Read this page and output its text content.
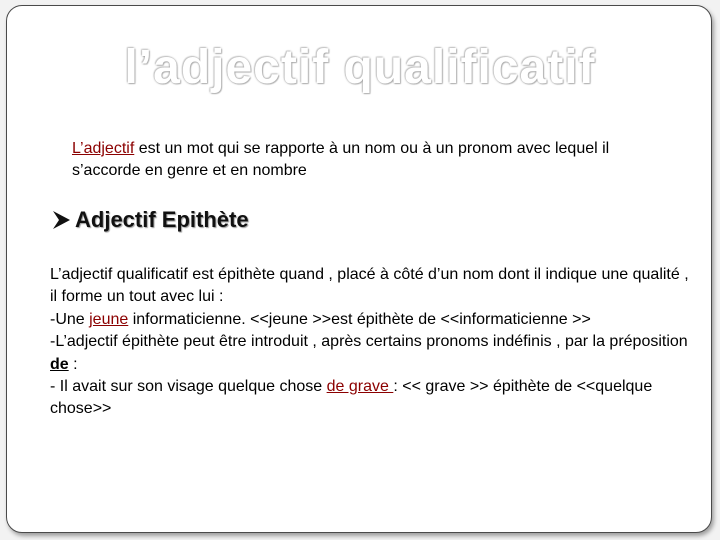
l’adjectif qualificatif
L’adjectif est un mot qui se rapporte à un nom ou à un pronom avec lequel il s’accorde en genre et en nombre
Adjectif Epithète

L’adjectif qualificatif est épithète quand , placé à côté d’un nom dont il indique une qualité , il forme un tout avec lui :

-Une jeune informaticienne. <<jeune >>est épithète de <<informaticienne >>

-L’adjectif épithète peut être introduit , après certains pronoms indéfinis , par la préposition de :

- Il avait sur son visage quelque chose de grave : << grave >> épithète de <<quelque chose>>
